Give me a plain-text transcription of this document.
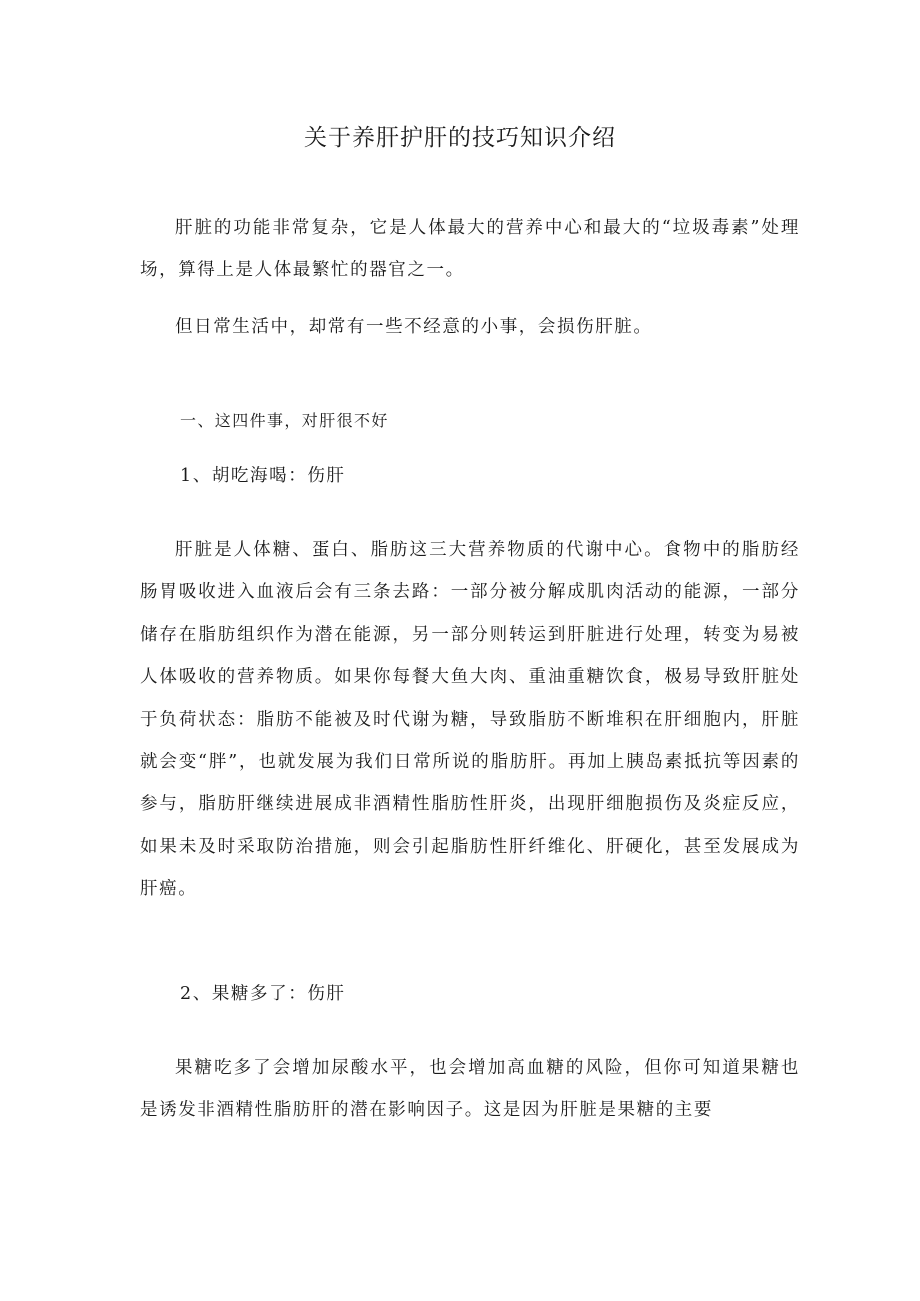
关于养肝护肝的技巧知识介绍

肝脏的功能非常复杂，它是人体最大的营养中心和最大的“垃圾毒素”处理场，算得上是人体最繁忙的器官之一。

但日常生活中，却常有一些不经意的小事，会损伤肝脏。

一、这四件事，对肝很不好
1、胡吃海喝：伤肝

肝脏是人体糖、蛋白、脂肪这三大营养物质的代谢中心。食物中的脂肪经肠胃吸收进入血液后会有三条去路：一部分被分解成肌肉活动的能源，一部分储存在脂肪组织作为潜在能源，另一部分则转运到肝脏进行处理，转变为易被人体吸收的营养物质。如果你每餐大鱼大肉、重油重糖饮食，极易导致肝脏处于负荷状态：脂肪不能被及时代谢为糖，导致脂肪不断堆积在肝细胞内，肝脏就会变“胖”，也就发展为我们日常所说的脂肪肝。再加上胰岛素抵抗等因素的参与，脂肪肝继续进展成非酒精性脂肪性肝炎，出现肝细胞损伤及炎症反应，如果未及时采取防治措施，则会引起脂肪性肝纤维化、肝硬化，甚至发展成为肝癌。

2、果糖多了：伤肝

果糖吃多了会增加尿酸水平，也会增加高血糖的风险，但你可知道果糖也是诱发非酒精性脂肪肝的潜在影响因子。这是因为肝脏是果糖的主要
